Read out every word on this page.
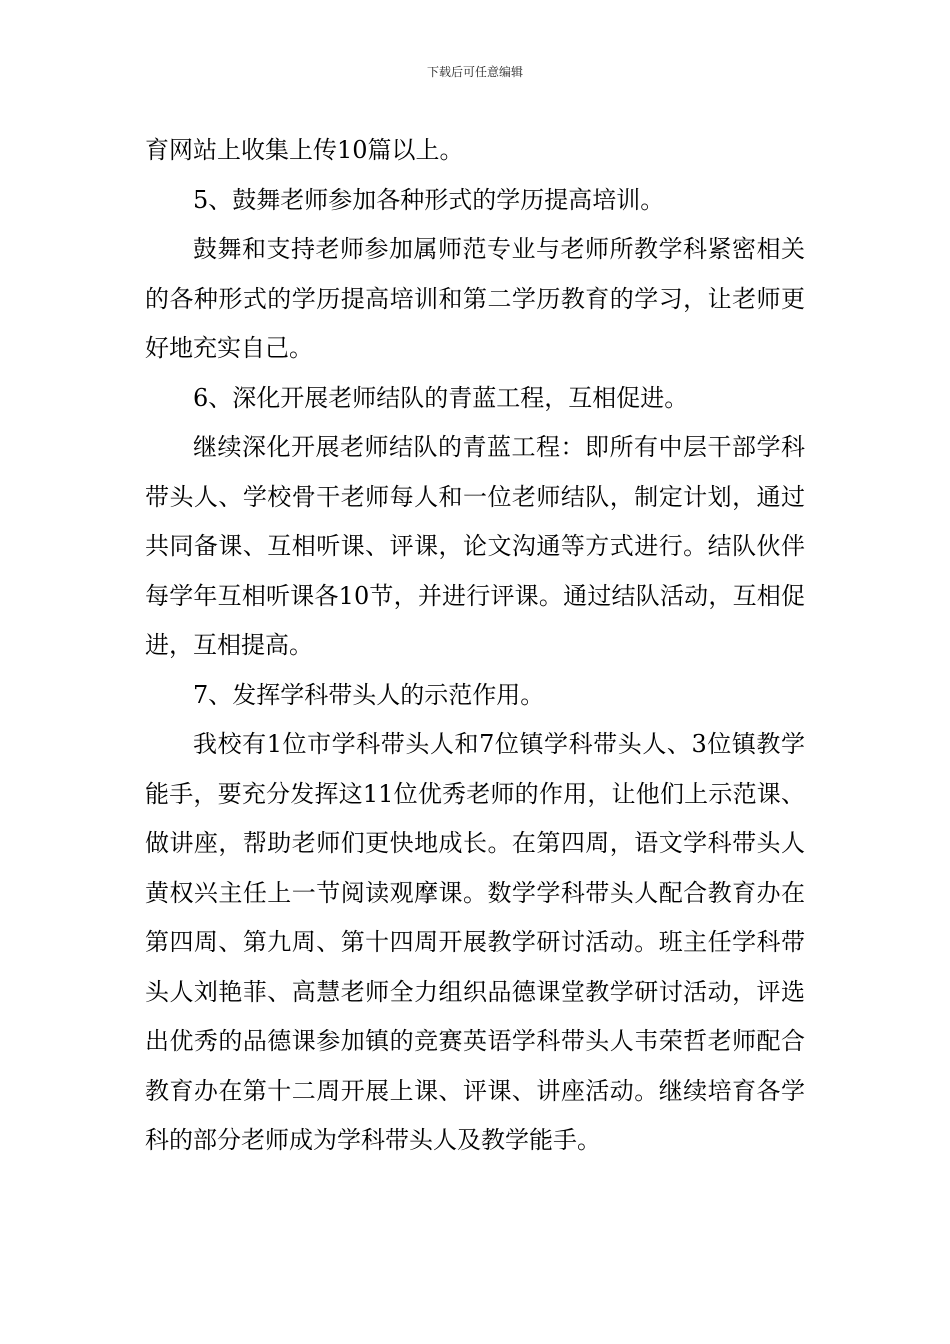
下载后可任意编辑

育网站上收集上传10篇以上。

5、鼓舞老师参加各种形式的学历提高培训。

鼓舞和支持老师参加属师范专业与老师所教学科紧密相关的各种形式的学历提高培训和第二学历教育的学习，让老师更好地充实自己。

6、深化开展老师结队的青蓝工程，互相促进。

继续深化开展老师结队的青蓝工程：即所有中层干部学科带头人、学校骨干老师每人和一位老师结队，制定计划，通过共同备课、互相听课、评课，论文沟通等方式进行。结队伙伴每学年互相听课各10节，并进行评课。通过结队活动，互相促进，互相提高。

7、发挥学科带头人的示范作用。

我校有1位市学科带头人和7位镇学科带头人、3位镇教学能手，要充分发挥这11位优秀老师的作用，让他们上示范课、做讲座，帮助老师们更快地成长。在第四周，语文学科带头人黄权兴主任上一节阅读观摩课。数学学科带头人配合教育办在第四周、第九周、第十四周开展教学研讨活动。班主任学科带头人刘艳菲、高慧老师全力组织品德课堂教学研讨活动，评选出优秀的品德课参加镇的竞赛英语学科带头人韦荣哲老师配合教育办在第十二周开展上课、评课、讲座活动。继续培育各学科的部分老师成为学科带头人及教学能手。
